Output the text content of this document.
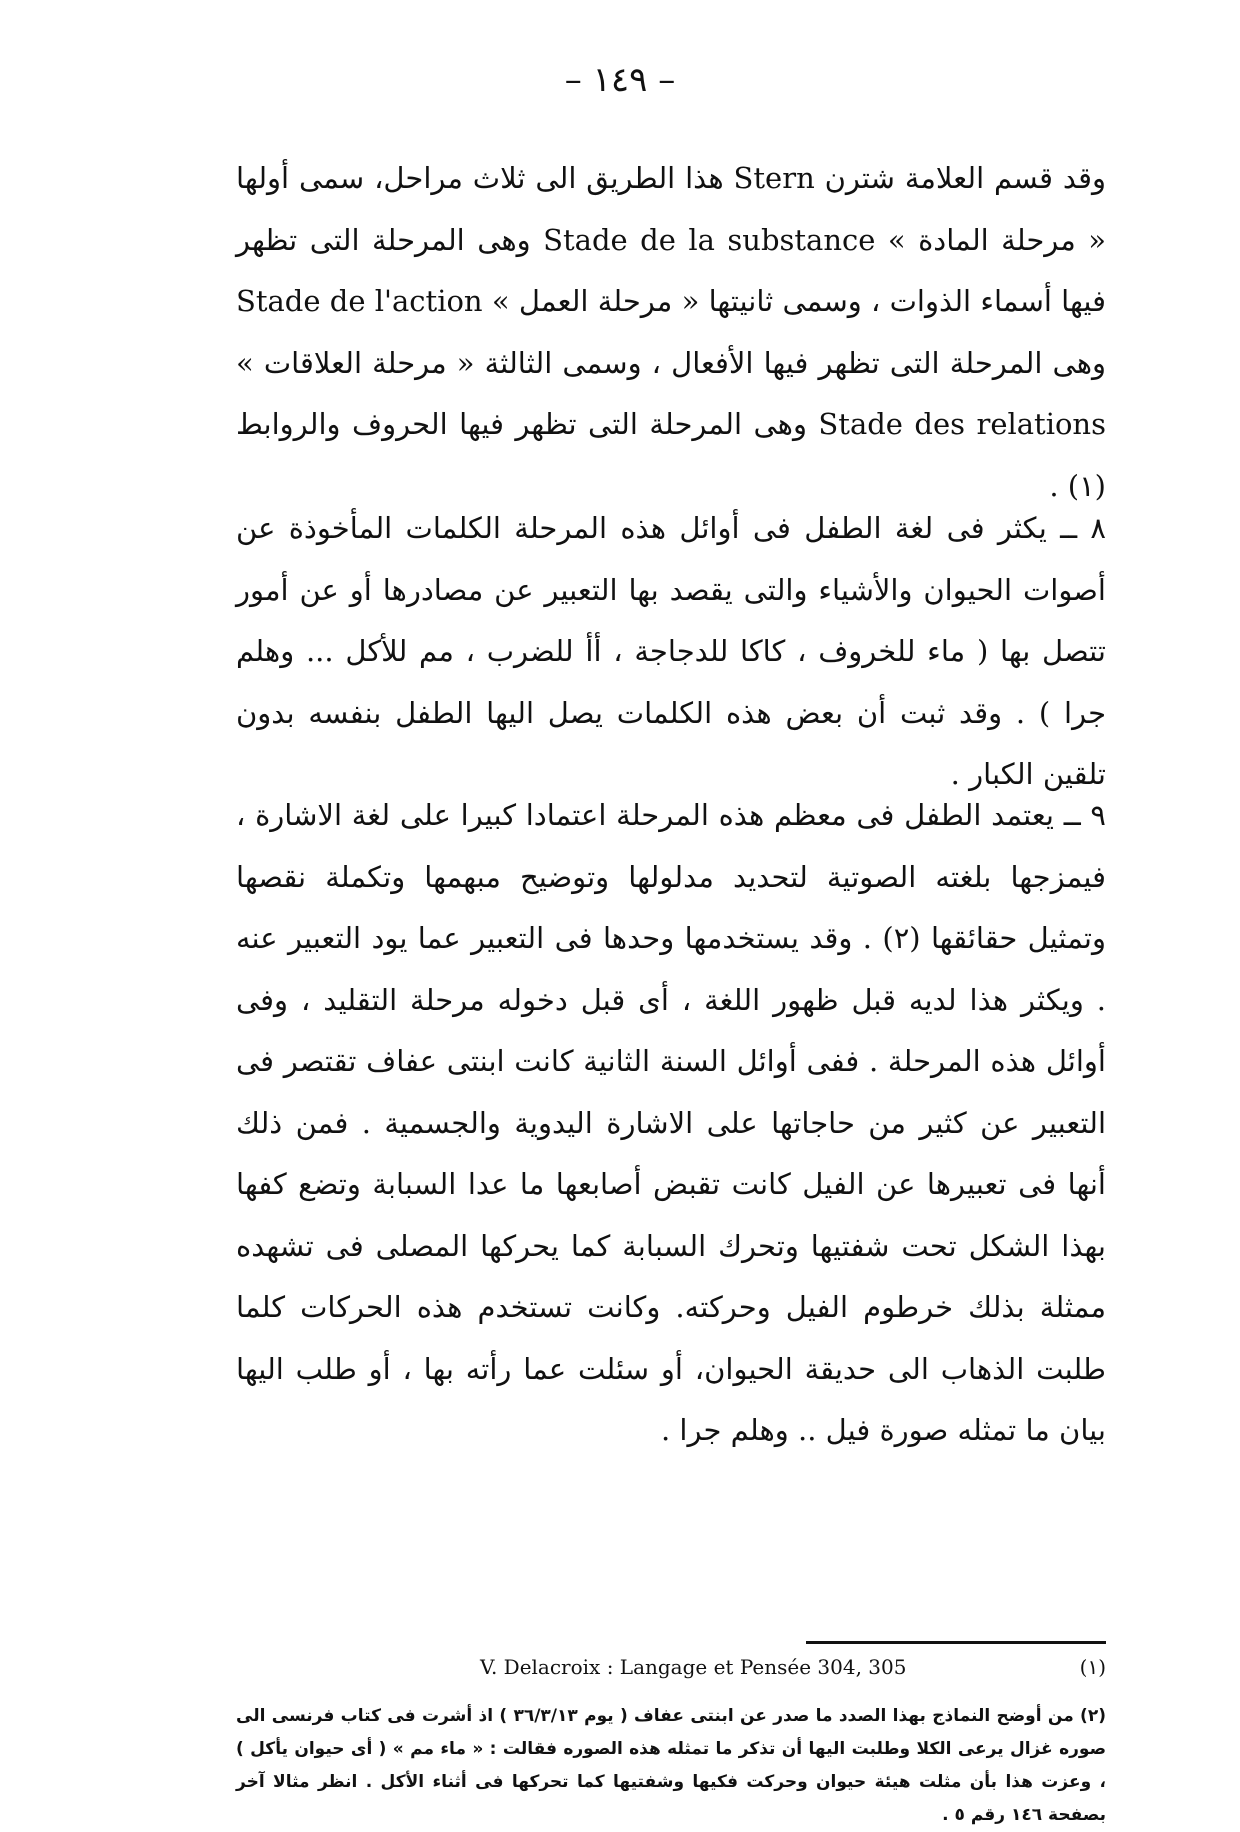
– ١٤٩ –

وقد قسم العلامة شترن Stern هذا الطريق الى ثلاث مراحل، سمى أولها « مرحلة المادة » Stade de la substance وهى المرحلة التى تظهر فيها أسماء الذوات ، وسمى ثانيتها « مرحلة العمل » Stade de l'action وهى المرحلة التى تظهر فيها الأفعال ، وسمى الثالثة « مرحلة العلاقات » Stade des relations وهى المرحلة التى تظهر فيها الحروف والروابط (١) .

٨ ــ يكثر فى لغة الطفل فى أوائل هذه المرحلة الكلمات المأخوذة عن أصوات الحيوان والأشياء والتى يقصد بها التعبير عن مصادرها أو عن أمور تتصل بها ( ماء للخروف ، كاكا للدجاجة ، أأ للضرب ، مم للأكل ... وهلم جرا ) . وقد ثبت أن بعض هذه الكلمات يصل اليها الطفل بنفسه بدون تلقين الكبار .

٩ ــ يعتمد الطفل فى معظم هذه المرحلة اعتمادا كبيرا على لغة الاشارة ، فيمزجها بلغته الصوتية لتحديد مدلولها وتوضيح مبهمها وتكملة نقصها وتمثيل حقائقها (٢) . وقد يستخدمها وحدها فى التعبير عما يود التعبير عنه . ويكثر هذا لديه قبل ظهور اللغة ، أى قبل دخوله مرحلة التقليد ، وفى أوائل هذه المرحلة . ففى أوائل السنة الثانية كانت ابنتى عفاف تقتصر فى التعبير عن كثير من حاجاتها على الاشارة اليدوية والجسمية . فمن ذلك أنها فى تعبيرها عن الفيل كانت تقبض أصابعها ما عدا السبابة وتضع كفها بهذا الشكل تحت شفتيها وتحرك السبابة كما يحركها المصلى فى تشهده ممثلة بذلك خرطوم الفيل وحركته. وكانت تستخدم هذه الحركات كلما طلبت الذهاب الى حديقة الحيوان، أو سئلت عما رأته بها ، أو طلب اليها بيان ما تمثله صورة فيل .. وهلم جرا .

V. Delacroix : Langage et Pensée 304, 305	(١)

(٢) من أوضح النماذج بهذا الصدد ما صدر عن ابنتى عفاف ( يوم ٣٦/٣/١٣ ) اذ أشرت فى كتاب فرنسى الى صوره غزال يرعى الكلا وطلبت اليها أن تذكر ما تمثله هذه الصوره فقالت : « ماء مم » ( أى حيوان يأكل ) ، وعزت هذا بأن مثلت هيئة حيوان وحركت فكيها وشفتيها كما تحركها فى أثناء الأكل . انظر مثالا آخر بصفحة ١٤٦ رقم ٥ .
